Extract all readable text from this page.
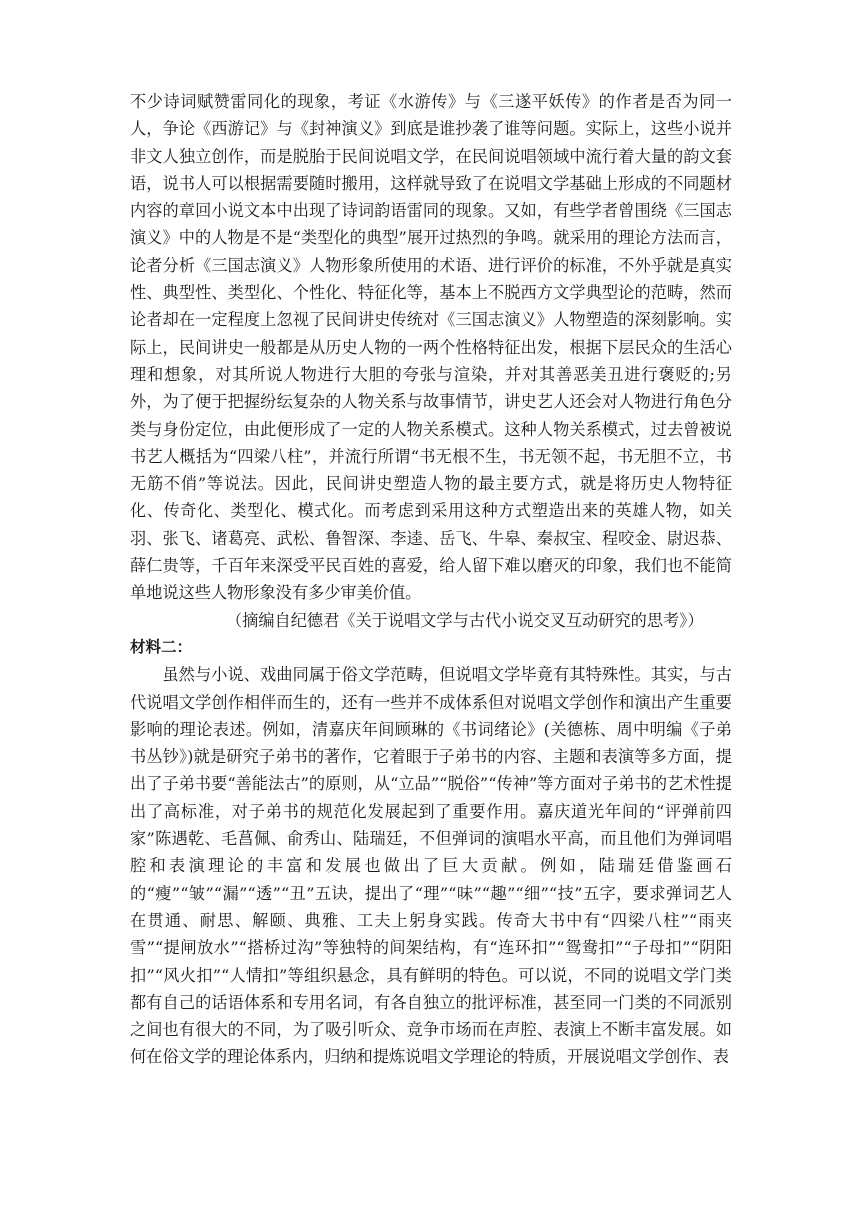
不少诗词赋赞雷同化的现象，考证《水游传》与《三遂平妖传》的作者是否为同一人，争论《西游记》与《封神演义》到底是谁抄袭了谁等问题。实际上，这些小说并非文人独立创作，而是脱胎于民间说唱文学，在民间说唱领域中流行着大量的韵文套语，说书人可以根据需要随时搬用，这样就导致了在说唱文学基础上形成的不同题材内容的章回小说文本中出现了诗词韵语雷同的现象。又如，有些学者曾围绕《三国志演义》中的人物是不是“类型化的典型”展开过热烈的争鸣。就采用的理论方法而言，论者分析《三国志演义》人物形象所使用的术语、进行评价的标准，不外乎就是真实性、典型性、类型化、个性化、特征化等，基本上不脱西方文学典型论的范畴，然而论者却在一定程度上忽视了民间讲史传统对《三国志演义》人物塑造的深刻影响。实际上，民间讲史一般都是从历史人物的一两个性格特征出发，根据下层民众的生活心理和想象，对其所说人物进行大胆的夸张与渲染，并对其善恶美丑进行褒贬的;另外，为了便于把握纷纭复杂的人物关系与故事情节，讲史艺人还会对人物进行角色分类与身份定位，由此便形成了一定的人物关系模式。这种人物关系模式，过去曾被说书艺人概括为“四梁八柱”，并流行所谓“书无根不生，书无领不起，书无胆不立，书无筋不俏”等说法。因此，民间讲史塑造人物的最主要方式，就是将历史人物特征化、传奇化、类型化、模式化。而考虑到采用这种方式塑造出来的英雄人物，如关羽、张飞、诸葛亮、武松、鲁智深、李逵、岳飞、牛皋、秦叔宝、程咬金、尉迟恭、薛仁贵等，千百年来深受平民百姓的喜爱，给人留下难以磨灭的印象，我们也不能简单地说这些人物形象没有多少审美价值。

（摘编自纪德君《关于说唱文学与古代小说交叉互动研究的思考》）

材料二：

虽然与小说、戏曲同属于俗文学范畴，但说唱文学毕竟有其特殊性。其实，与古代说唱文学创作相伴而生的，还有一些并不成体系但对说唱文学创作和演出产生重要影响的理论表述。例如，清嘉庆年间顾琳的《书词绪论》(关德栋、周中明编《子弟书丛钞》)就是研究子弟书的著作，它着眼于子弟书的内容、主题和表演等多方面，提出了子弟书要“善能法古”的原则，从“立品”“脱俗”“传神”等方面对子弟书的艺术性提出了高标准，对子弟书的规范化发展起到了重要作用。嘉庆道光年间的“评弹前四家”陈遇乾、毛菖佩、俞秀山、陆瑞廷，不但弹词的演唱水平高，而且他们为弹词唱腔和表演理论的丰富和发展也做出了巨大贡献。例如，陆瑞廷借鉴画石的“瘦”“皱”“漏”“透”“丑”五诀，提出了“理”“味”“趣”“细”“技”五字，要求弹词艺人在贯通、耐思、解颐、典雅、工夫上躬身实践。传奇大书中有“四梁八柱”“雨夹雪”“提闸放水”“搭桥过沟”等独特的间架结构，有“连环扣”“鸳鸯扣”“子母扣”“阴阳扣”“风火扣”“人情扣”等组织悬念，具有鲜明的特色。可以说，不同的说唱文学门类都有自己的话语体系和专用名词，有各自独立的批评标准，甚至同一门类的不同派别之间也有很大的不同，为了吸引听众、竞争市场而在声腔、表演上不断丰富发展。如何在俗文学的理论体系内，归纳和提炼说唱文学理论的特质，开展说唱文学创作、表
